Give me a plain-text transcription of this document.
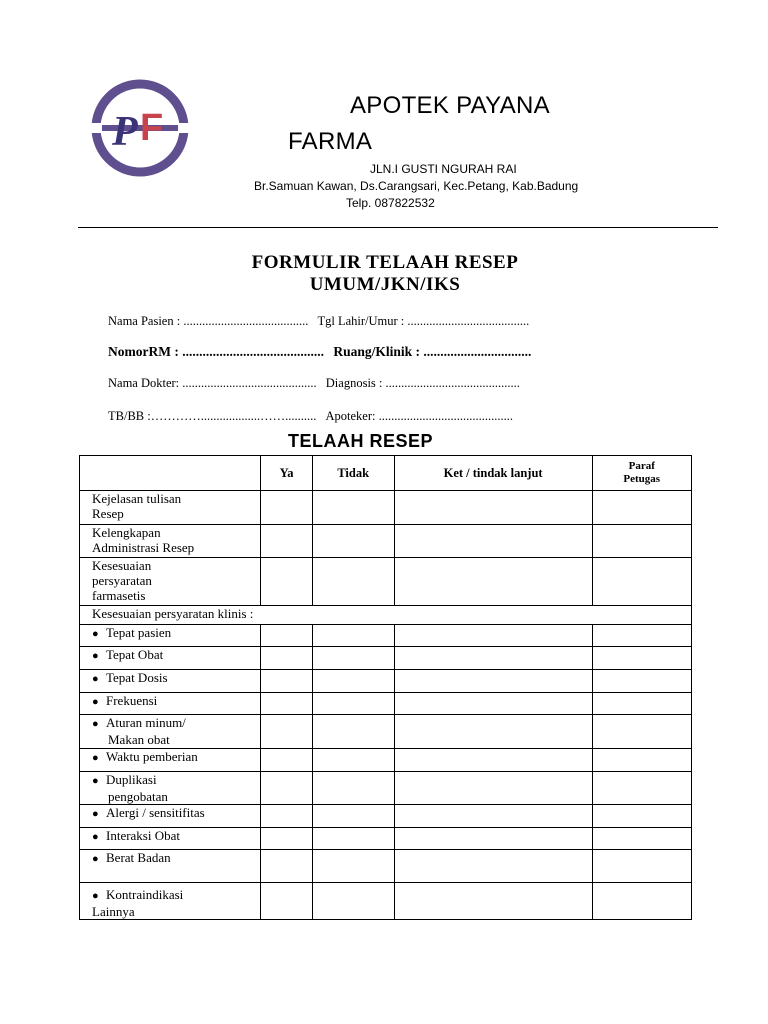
P F
APOTEK PAYANA
FARMA
JLN.I GUSTI NGURAH RAI
Br.Samuan Kawan, Ds.Carangsari, Kec.Petang, Kab.Badung
Telp. 087822532
FORMULIR TELAAH RESEP
UMUM/JKN/IKS
Nama Pasien : ........................................ Tgl Lahir/Umur : .......................................
NomorRM : .......................................... Ruang/Klinik : ................................
Nama Dokter: ........................................... Diagnosis : ...........................................
TB/BB :…………...................…….......... Apoteker: ...........................................
TELAAH RESEP
	Ya	Tidak	Ket / tindak lanjut	Paraf
Petugas
Kejelasan tulisan
Resep				
Kelengkapan
Administrasi Resep				
Kesesuaian
persyaratan
farmasetis				
Kesesuaian persyaratan klinis :				
● Tepat pasien				
● Tepat Obat				
● Tepat Dosis				
● Frekuensi				
● Aturan minum/

Makan obat				

● Waktu pemberian				
● Duplikasi

pengobatan				

● Alergi / sensitifitas				
● Interaksi Obat				
● Berat Badan				
● Kontraindikasi
Lainnya				
